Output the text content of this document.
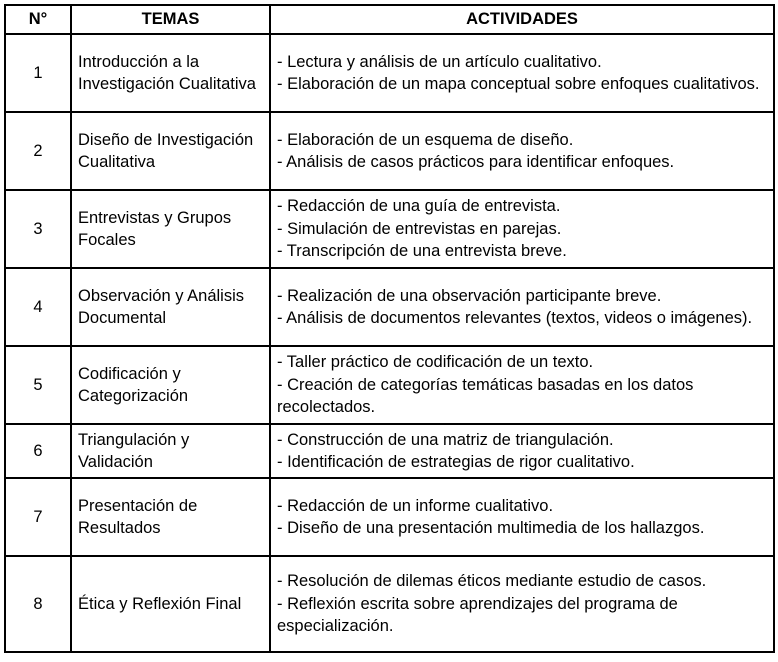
N°	TEMAS	ACTIVIDADES
1	Introducción a la Investigación Cualitativa	- Lectura y análisis de un artículo cualitativo.
- Elaboración de un mapa conceptual sobre enfoques cualitativos.

2	Diseño de Investigación Cualitativa	- Elaboración de un esquema de diseño.
- Análisis de casos prácticos para identificar enfoques.

3	Entrevistas y Grupos Focales	- Redacción de una guía de entrevista.
- Simulación de entrevistas en parejas.
- Transcripción de una entrevista breve.

4	Observación y Análisis Documental	- Realización de una observación participante breve.
- Análisis de documentos relevantes (textos, videos o imágenes).

5	Codificación y Categorización	- Taller práctico de codificación de un texto.
- Creación de categorías temáticas basadas en los datos recolectados.

6	Triangulación y Validación	- Construcción de una matriz de triangulación.
- Identificación de estrategias de rigor cualitativo.

7	Presentación de Resultados	- Redacción de un informe cualitativo.
- Diseño de una presentación multimedia de los hallazgos.

8	Ética y Reflexión Final	- Resolución de dilemas éticos mediante estudio de casos.
- Reflexión escrita sobre aprendizajes del programa de especialización.
